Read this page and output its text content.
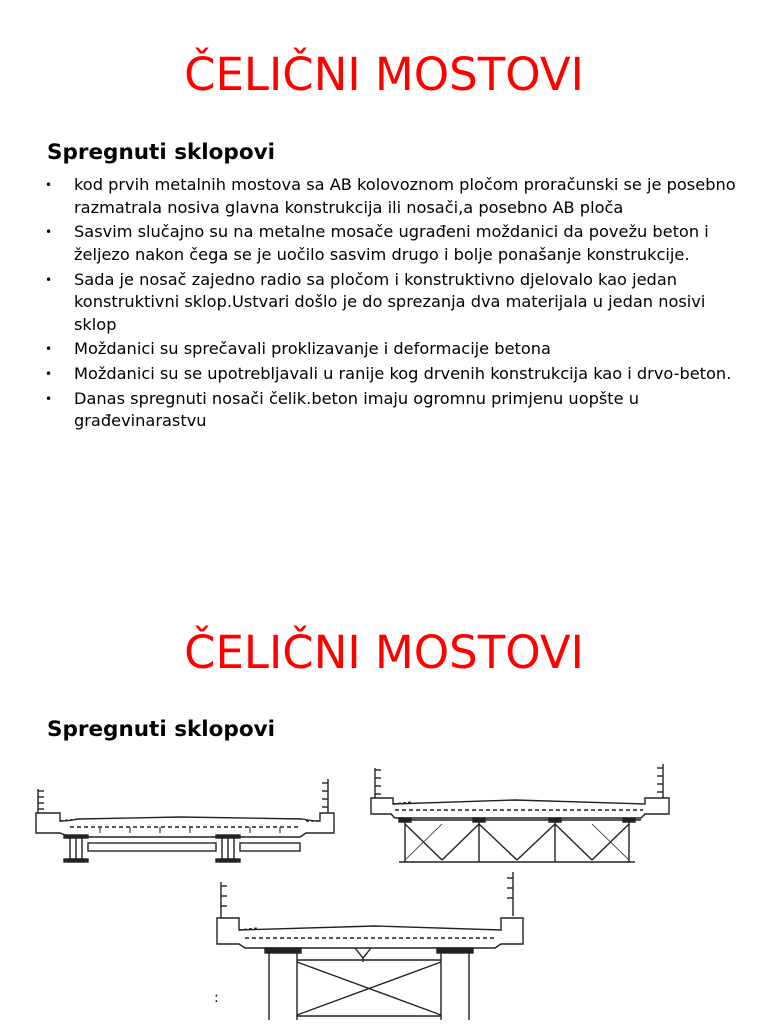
ČELIČNI MOSTOVI
Spregnuti sklopovi
• kod prvih metalnih mostova sa AB kolovoznom pločom proračunski se je posebno razmatrala nosiva glavna konstrukcija ili nosači,a posebno AB ploča
• Sasvim slučajno su na metalne mosače ugrađeni moždanici da povežu beton i željezo nakon čega se je uočilo sasvim drugo i bolje ponašanje konstrukcije.
• Sada je nosač zajedno radio sa pločom i konstruktivno djelovalo kao jedan konstruktivni sklop.Ustvari došlo je do sprezanja dva materijala u jedan nosivi sklop
• Moždanici su sprečavali proklizavanje i deformacije betona
• Moždanici su se upotrebljavali u ranije kog drvenih konstrukcija kao i drvo-beton.
• Danas spregnuti nosači čelik.beton imaju ogromnu primjenu uopšte u građevinarastvu
ČELIČNI MOSTOVI
Spregnuti sklopovi
:
